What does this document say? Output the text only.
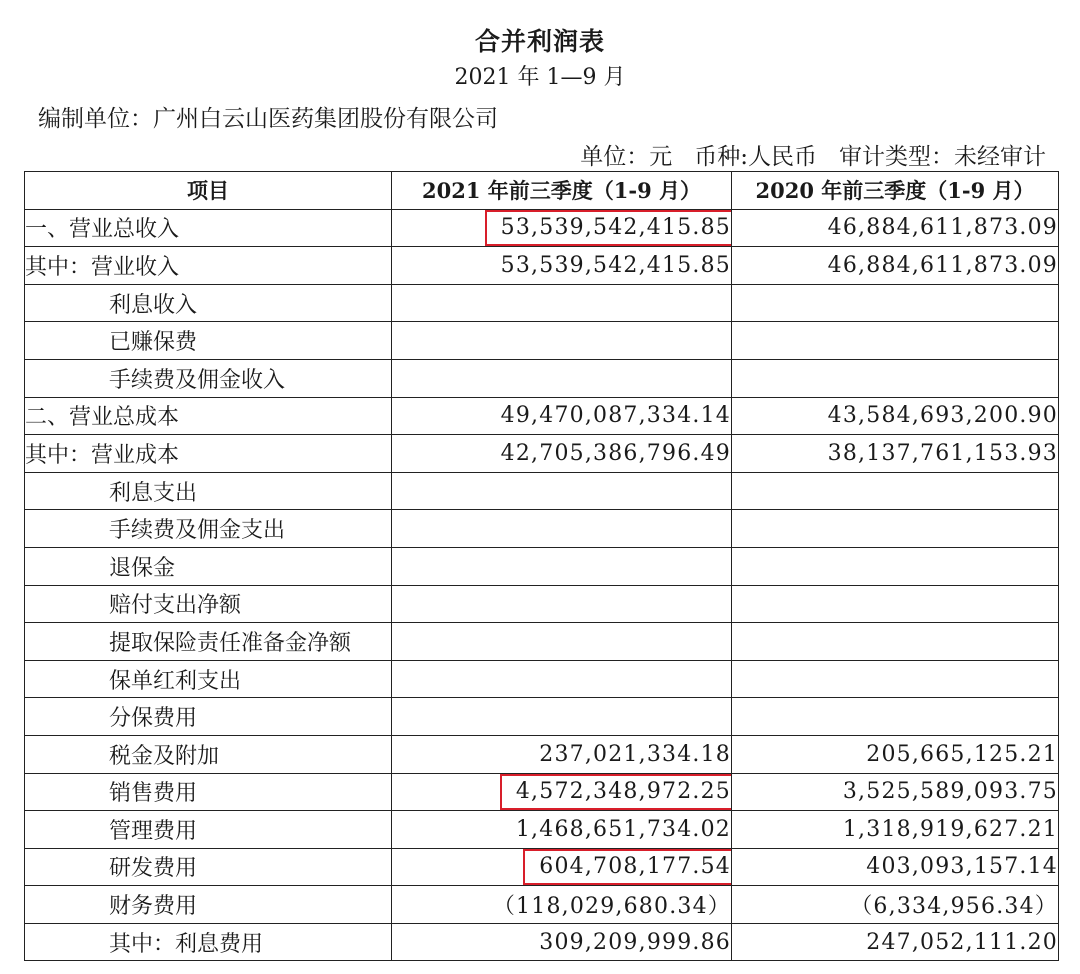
合并利润表
2021 年 1—9 月
编制单位：广州白云山医药集团股份有限公司
单位：元 币种:人民币 审计类型：未经审计
项目	2021 年前三季度（1-9 月）	2020 年前三季度（1-9 月）
一、营业总收入	53,539,542,415.85	46,884,611,873.09
其中：营业收入	53,539,542,415.85	46,884,611,873.09
利息收入		
已赚保费		
手续费及佣金收入		
二、营业总成本	49,470,087,334.14	43,584,693,200.90
其中：营业成本	42,705,386,796.49	38,137,761,153.93
利息支出		
手续费及佣金支出		
退保金		
赔付支出净额		
提取保险责任准备金净额		
保单红利支出		
分保费用		
税金及附加	237,021,334.18	205,665,125.21
销售费用	4,572,348,972.25	3,525,589,093.75
管理费用	1,468,651,734.02	1,318,919,627.21
研发费用	604,708,177.54	403,093,157.14
财务费用	（118,029,680.34）	（6,334,956.34）
其中：利息费用	309,209,999.86	247,052,111.20
